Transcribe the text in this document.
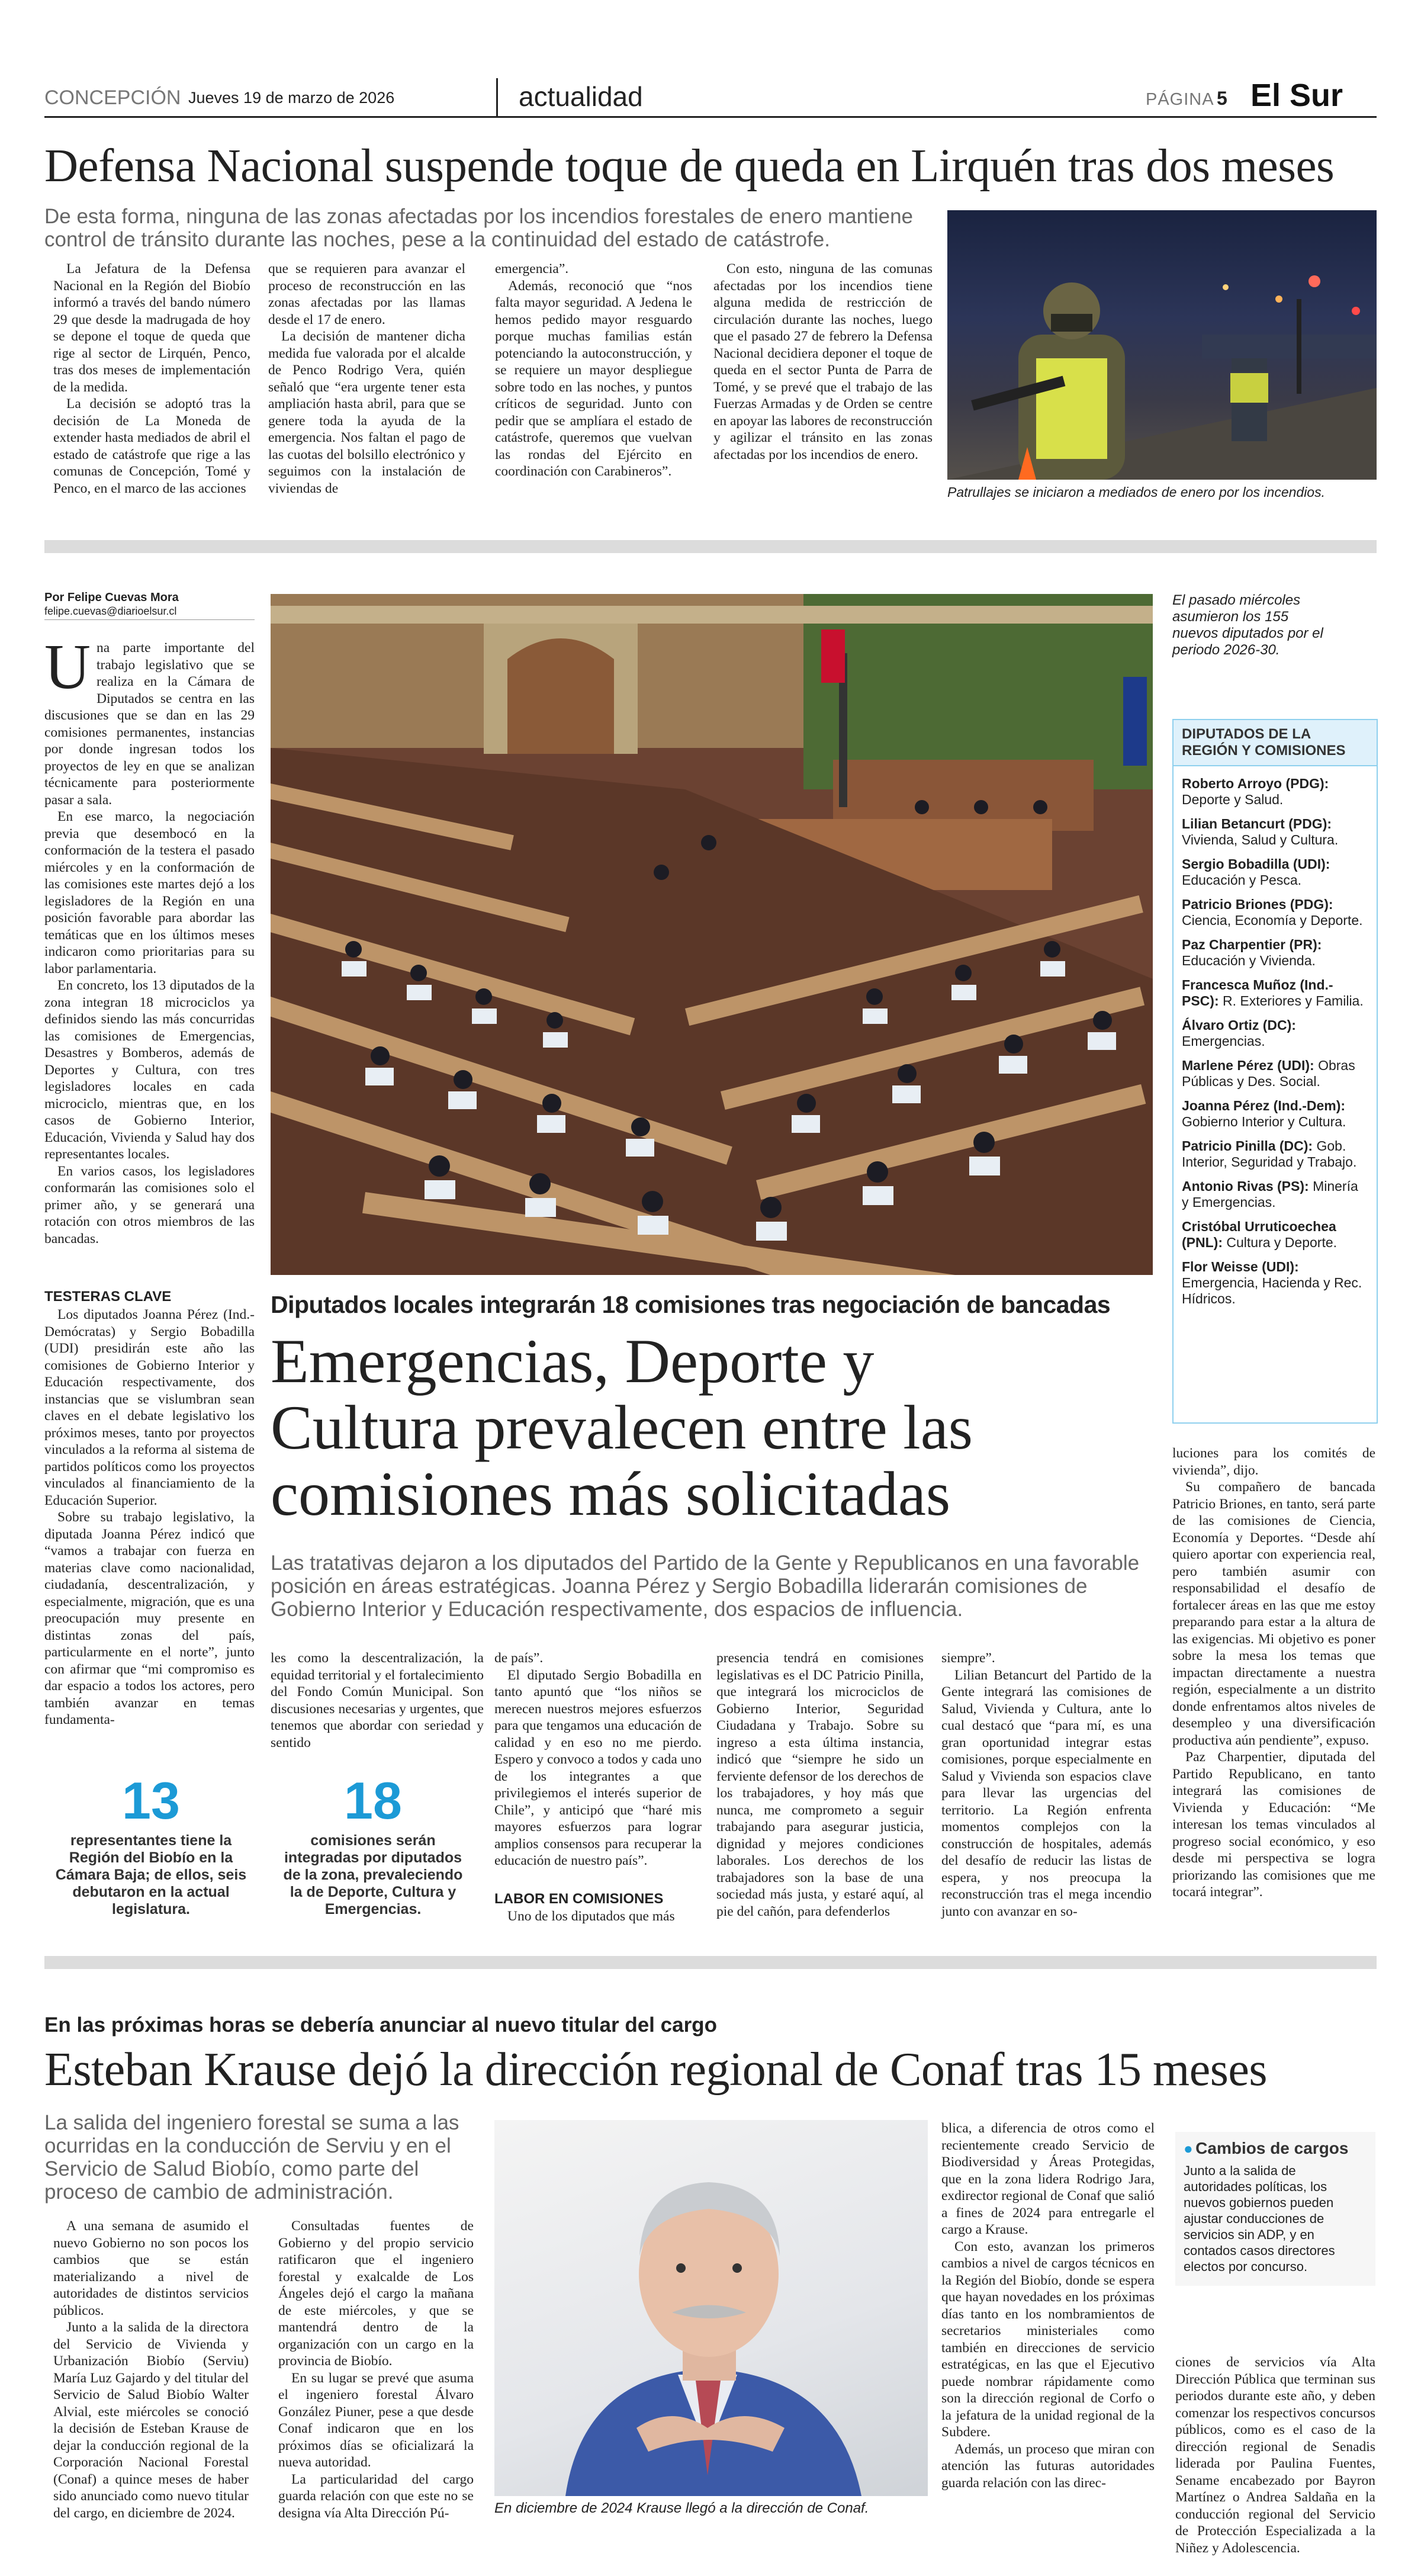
CONCEPCIÓN Jueves 19 de marzo de 2026	actualidad	PÁGINA 5 El Sur
Defensa Nacional suspende toque de queda en Lirquén tras dos meses
De esta forma, ninguna de las zonas afectadas por los incendios forestales de enero mantiene control de tránsito durante las noches, pese a la continuidad del estado de catástrofe.

La Jefatura de la Defensa Nacional en la Región del Biobío informó a través del bando número 29 que desde la madrugada de hoy se depone el toque de queda que rige al sector de Lirquén, Penco, tras dos meses de implementación de la medida.

La decisión se adoptó tras la decisión de La Moneda de extender hasta mediados de abril el estado de catástrofe que rige a las comunas de Concepción, Tomé y Penco, en el marco de las acciones

que se requieren para avanzar el proceso de reconstrucción en las zonas afectadas por las llamas desde el 17 de enero.

La decisión de mantener dicha medida fue valorada por el alcalde de Penco Rodrigo Vera, quién señaló que “era urgente tener esta ampliación hasta abril, para que se genere toda la ayuda de la emergencia. Nos faltan el pago de las cuotas del bolsillo electrónico y seguimos con la instalación de viviendas de

emergencia”.

Además, reconoció que “nos falta mayor seguridad. A Jedena le hemos pedido mayor resguardo porque muchas familias están potenciando la autoconstrucción, y se requiere un mayor despliegue sobre todo en las noches, y puntos críticos de seguridad. Junto con pedir que se amplíara el estado de catástrofe, queremos que vuelvan las rondas del Ejército en coordinación con Carabineros”.

Con esto, ninguna de las comunas afectadas por los incendios tiene alguna medida de restricción de circulación durante las noches, luego que el pasado 27 de febrero la Defensa Nacional decidiera deponer el toque de queda en el sector Punta de Parra de Tomé, y se prevé que el trabajo de las Fuerzas Armadas y de Orden se centre en apoyar las labores de reconstrucción y agilizar el tránsito en las zonas afectadas por los incendios de enero.

Patrullajes se iniciaron a mediados de enero por los incendios.
Por Felipe Cuevas Mora
felipe.cuevas@diarioelsur.cl
U na parte importante del trabajo legislativo que se realiza en la Cámara de Diputados se centra en las discusiones que se dan en las 29 comisiones permanentes, instancias por donde ingresan todos los proyectos de ley en que se analizan técnicamente para posteriormente pasar a sala.

En ese marco, la negociación previa que desembocó en la conformación de la testera el pasado miércoles y en la conformación de las comisiones este martes dejó a los legisladores de la Región en una posición favorable para abordar las temáticas que en los últimos meses indicaron como prioritarias para su labor parlamentaria.

En concreto, los 13 diputados de la zona integran 18 microciclos ya definidos siendo las más concurridas las comisiones de Emergencias, Desastres y Bomberos, además de Deportes y Cultura, con tres legisladores locales en cada microciclo, mientras que, en los casos de Gobierno Interior, Educación, Vivienda y Salud hay dos representantes locales.

En varios casos, los legisladores conformarán las comisiones solo el primer año, y se generará una rotación con otros miembros de las bancadas.

TESTERAS CLAVE

Los diputados Joanna Pérez (Ind.-Demócratas) y Sergio Bobadilla (UDI) presidirán este año las comisiones de Gobierno Interior y Educación respectivamente, dos instancias que se vislumbran sean claves en el debate legislativo los próximos meses, tanto por proyectos vinculados a la reforma al sistema de partidos políticos como los proyectos vinculados al financiamiento de la Educación Superior.

Sobre su trabajo legislativo, la diputada Joanna Pérez indicó que “vamos a trabajar con fuerza en materias clave como nacionalidad, ciudadanía, descentralización, y especialmente, migración, que es una preocupación muy presente en distintas zonas del país, particularmente en el norte”, junto con afirmar que “mi compromiso es dar espacio a todos los actores, pero también avanzar en temas fundamenta-

El pasado miércoles asumieron los 155 nuevos diputados por el periodo 2026-30.
DIPUTADOS DE LA REGIÓN Y COMISIONES
Roberto Arroyo (PDG): Deporte y Salud.
Lilian Betancurt (PDG): Vivienda, Salud y Cultura.
Sergio Bobadilla (UDI): Educación y Pesca.
Patricio Briones (PDG): Ciencia, Economía y Deporte.
Paz Charpentier (PR): Educación y Vivienda.
Francesca Muñoz (Ind.-PSC): R. Exteriores y Familia.
Álvaro Ortiz (DC): Emergencias.
Marlene Pérez (UDI): Obras Públicas y Des. Social.
Joanna Pérez (Ind.-Dem): Gobierno Interior y Cultura.
Patricio Pinilla (DC): Gob. Interior, Seguridad y Trabajo.
Antonio Rivas (PS): Minería y Emergencias.
Cristóbal Urruticoechea (PNL): Cultura y Deporte.
Flor Weisse (UDI): Emergencia, Hacienda y Rec. Hídricos.
Diputados locales integrarán 18 comisiones tras negociación de bancadas
Emergencias, Deporte y
Cultura prevalecen entre las
comisiones más solicitadas
Las tratativas dejaron a los diputados del Partido de la Gente y Republicanos en una favorable posición en áreas estratégicas. Joanna Pérez y Sergio Bobadilla liderarán comisiones de Gobierno Interior y Educación respectivamente, dos espacios de influencia.

luciones para los comités de vivienda”, dijo.

Su compañero de bancada Patricio Briones, en tanto, será parte de las comisiones de Ciencia, Economía y Deportes. “Desde ahí quiero aportar con experiencia real, pero también asumir con responsabilidad el desafío de fortalecer áreas en las que me estoy preparando para estar a la altura de las exigencias. Mi objetivo es poner sobre la mesa los temas que impactan directamente a nuestra región, especialmente a un distrito donde enfrentamos altos niveles de desempleo y una diversificación productiva aún pendiente”, expuso.

Paz Charpentier, diputada del Partido Republicano, en tanto integrará las comisiones de Vivienda y Educación: “Me interesan los temas vinculados al progreso social económico, y eso desde mi perspectiva se logra priorizando las comisiones que me tocará integrar”.

13
representantes tiene la Región del Biobío en la Cámara Baja; de ellos, seis debutaron en la actual legislatura.
18
comisiones serán integradas por diputados de la zona, prevaleciendo la de Deporte, Cultura y Emergencias.

les como la descentralización, la equidad territorial y el fortalecimiento del Fondo Común Municipal. Son discusiones necesarias y urgentes, que tenemos que abordar con seriedad y sentido

de país”.

El diputado Sergio Bobadilla en tanto apuntó que “los niños se merecen nuestros mejores esfuerzos para que tengamos una educación de calidad y en eso no me pierdo. Espero y convoco a todos y cada uno de los integrantes a que privilegiemos el interés superior de Chile”, y anticipó que “haré mis mayores esfuerzos para lograr amplios consensos para recuperar la educación de nuestro país”.

LABOR EN COMISIONES

Uno de los diputados que más

presencia tendrá en comisiones legislativas es el DC Patricio Pinilla, que integrará los microciclos de Gobierno Interior, Seguridad Ciudadana y Trabajo. Sobre su ingreso a esta última instancia, indicó que “siempre he sido un ferviente defensor de los derechos de los trabajadores, y hoy más que nunca, me comprometo a seguir trabajando para asegurar justicia, dignidad y mejores condiciones laborales. Los derechos de los trabajadores son la base de una sociedad más justa, y estaré aquí, al pie del cañón, para defenderlos

siempre”.

Lilian Betancurt del Partido de la Gente integrará las comisiones de Salud, Vivienda y Cultura, ante lo cual destacó que “para mí, es una gran oportunidad integrar estas comisiones, porque especialmente en Salud y Vivienda son espacios clave para llevar las urgencias del territorio. La Región enfrenta momentos complejos con la construcción de hospitales, además del desafío de reducir las listas de espera, y nos preocupa la reconstrucción tras el mega incendio junto con avanzar en so-

En las próximas horas se debería anunciar al nuevo titular del cargo
Esteban Krause dejó la dirección regional de Conaf tras 15 meses
La salida del ingeniero forestal se suma a las ocurridas en la conducción de Serviu y en el Servicio de Salud Biobío, como parte del proceso de cambio de administración.

A una semana de asumido el nuevo Gobierno no son pocos los cambios que se están materializando a nivel de autoridades de distintos servicios públicos.

Junto a la salida de la directora del Servicio de Vivienda y Urbanización Biobío (Serviu) María Luz Gajardo y del titular del Servicio de Salud Biobío Walter Alvial, este miércoles se conoció la decisión de Esteban Krause de dejar la conducción regional de la Corporación Nacional Forestal (Conaf) a quince meses de haber sido anunciado como nuevo titular del cargo, en diciembre de 2024.

Consultadas fuentes de Gobierno y del propio servicio ratificaron que el ingeniero forestal y exalcalde de Los Ángeles dejó el cargo la mañana de este miércoles, y que se mantendrá dentro de la organización con un cargo en la provincia de Biobío.

En su lugar se prevé que asuma el ingeniero forestal Álvaro González Piuner, pese a que desde Conaf indicaron que en los próximos días se oficializará la nueva autoridad.

La particularidad del cargo guarda relación con que este no se designa vía Alta Dirección Pú-	En diciembre de 2024 Krause llegó a la dirección de Conaf.

blica, a diferencia de otros como el recientemente creado Servicio de Biodiversidad y Áreas Protegidas, que en la zona lidera Rodrigo Jara, exdirector regional de Conaf que salió a fines de 2024 para entregarle el cargo a Krause.

Con esto, avanzan los primeros cambios a nivel de cargos técnicos en la Región del Biobío, donde se espera que hayan novedades en los próximas días tanto en los nombramientos de secretarios ministeriales como también en direcciones de servicio estratégicas, en las que el Ejecutivo puede nombrar rápidamente como son la dirección regional de Corfo o la jefatura de la unidad regional de la Subdere.

Además, un proceso que miran con atención las futuras autoridades guarda relación con las direc-

● Cambios de cargos
Junto a la salida de autoridades políticas, los nuevos gobiernos pueden ajustar conducciones de servicios sin ADP, y en contados casos directores electos por concurso.

ciones de servicios vía Alta Dirección Pública que terminan sus periodos durante este año, y deben comenzar los respectivos concursos públicos, como es el caso de la dirección regional de Senadis liderada por Paulina Fuentes, Sename encabezado por Bayron Martínez o Andrea Saldaña en la conducción regional del Servicio de Protección Especializada a la Niñez y Adolescencia.
